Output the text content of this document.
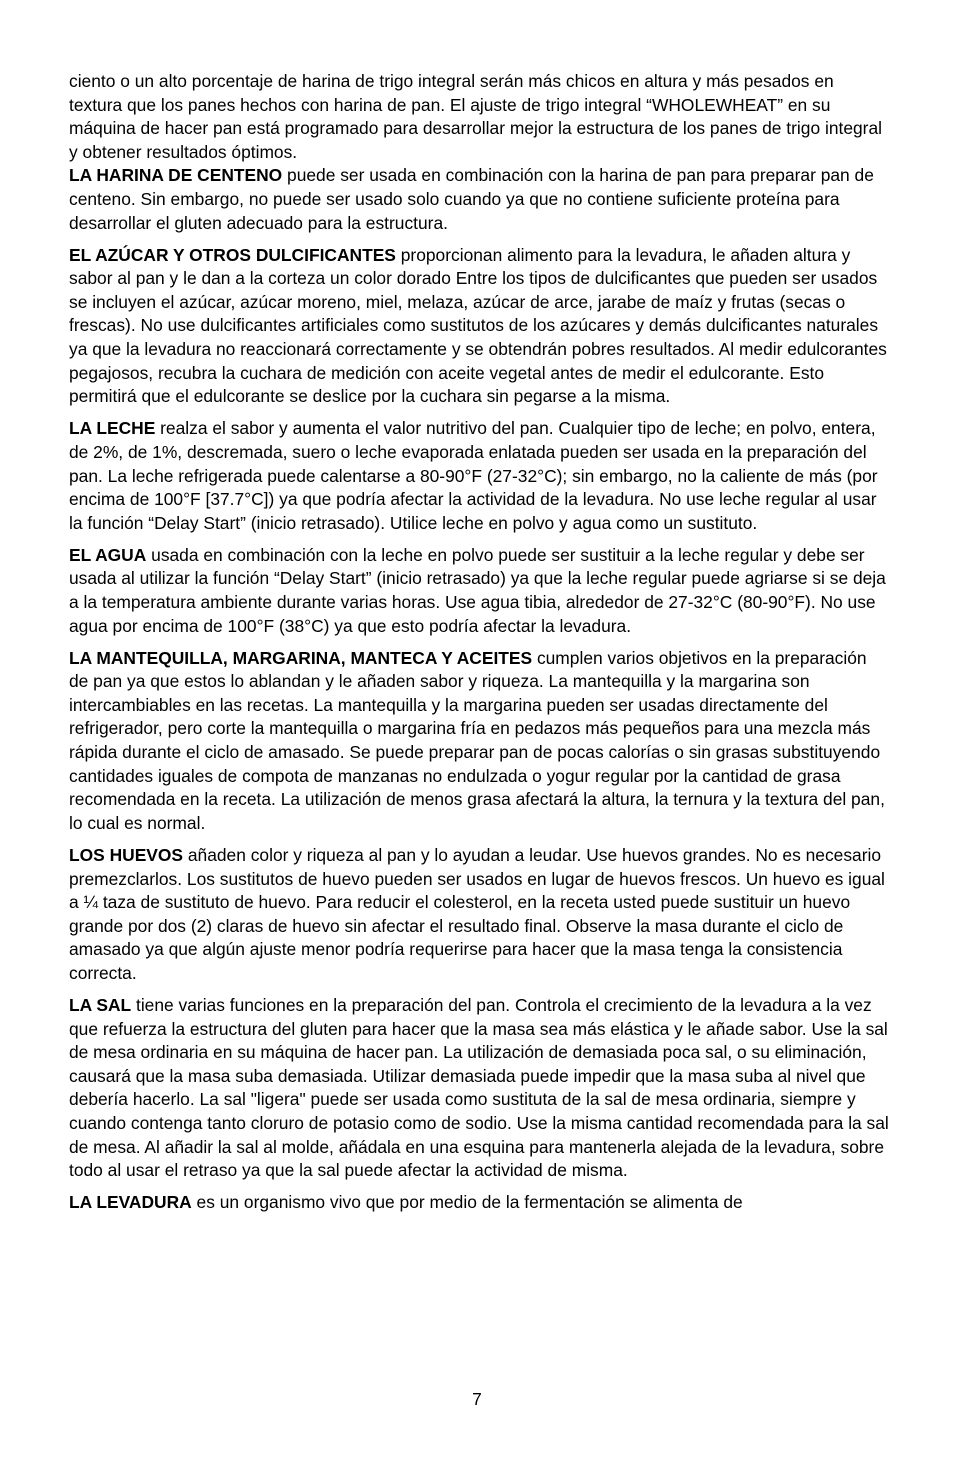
ciento o un alto porcentaje de harina de trigo integral serán más chicos en altura y más pesados en textura que los panes hechos con harina de pan. El ajuste de trigo integral “WHOLEWHEAT” en su máquina de hacer pan está programado para desarrollar mejor la estructura de los panes de trigo integral y obtener resultados óptimos.

LA HARINA DE CENTENO puede ser usada en combinación con la harina de pan para preparar pan de centeno. Sin embargo, no puede ser usado solo cuando ya que no contiene suficiente proteína para desarrollar el gluten adecuado para la estructura.

EL AZÚCAR Y OTROS DULCIFICANTES proporcionan alimento para la levadura, le añaden altura y sabor al pan y le dan a la corteza un color dorado Entre los tipos de dulcificantes que pueden ser usados se incluyen el azúcar, azúcar moreno, miel, melaza, azúcar de arce, jarabe de maíz y frutas (secas o frescas). No use dulcificantes artificiales como sustitutos de los azúcares y demás dulcificantes naturales ya que la levadura no reaccionará correctamente y se obtendrán pobres resultados. Al medir edulcorantes pegajosos, recubra la cuchara de medición con aceite vegetal antes de medir el edulcorante. Esto permitirá que el edulcorante se deslice por la cuchara sin pegarse a la misma.

LA LECHE realza el sabor y aumenta el valor nutritivo del pan. Cualquier tipo de leche; en polvo, entera, de 2%, de 1%, descremada, suero o leche evaporada enlatada pueden ser usada en la preparación del pan. La leche refrigerada puede calentarse a 80-90°F (27-32°C); sin embargo, no la caliente de más (por encima de 100°F [37.7°C]) ya que podría afectar la actividad de la levadura. No use leche regular al usar la función “Delay Start” (inicio retrasado). Utilice leche en polvo y agua como un sustituto.

EL AGUA usada en combinación con la leche en polvo puede ser sustituir a la leche regular y debe ser usada al utilizar la función “Delay Start” (inicio retrasado) ya que la leche regular puede agriarse si se deja a la temperatura ambiente durante varias horas. Use agua tibia, alrededor de 27-32°C (80-90°F). No use agua por encima de 100°F (38°C) ya que esto podría afectar la levadura.

LA MANTEQUILLA, MARGARINA, MANTECA Y ACEITES cumplen varios objetivos en la preparación de pan ya que estos lo ablandan y le añaden sabor y riqueza. La mantequilla y la margarina son intercambiables en las recetas. La mantequilla y la margarina pueden ser usadas directamente del refrigerador, pero corte la mantequilla o margarina fría en pedazos más pequeños para una mezcla más rápida durante el ciclo de amasado. Se puede preparar pan de pocas calorías o sin grasas substituyendo cantidades iguales de compota de manzanas no endulzada o yogur regular por la cantidad de grasa recomendada en la receta. La utilización de menos grasa afectará la altura, la ternura y la textura del pan, lo cual es normal.

LOS HUEVOS añaden color y riqueza al pan y lo ayudan a leudar. Use huevos grandes. No es necesario premezclarlos. Los sustitutos de huevo pueden ser usados en lugar de huevos frescos. Un huevo es igual a ¼ taza de sustituto de huevo. Para reducir el colesterol, en la receta usted puede sustituir un huevo grande por dos (2) claras de huevo sin afectar el resultado final. Observe la masa durante el ciclo de amasado ya que algún ajuste menor podría requerirse para hacer que la masa tenga la consistencia correcta.

LA SAL tiene varias funciones en la preparación del pan. Controla el crecimiento de la levadura a la vez que refuerza la estructura del gluten para hacer que la masa sea más elástica y le añade sabor. Use la sal de mesa ordinaria en su máquina de hacer pan. La utilización de demasiada poca sal, o su eliminación, causará que la masa suba demasiada. Utilizar demasiada puede impedir que la masa suba al nivel que debería hacerlo. La sal "ligera" puede ser usada como sustituta de la sal de mesa ordinaria, siempre y cuando contenga tanto cloruro de potasio como de sodio. Use la misma cantidad recomendada para la sal de mesa. Al añadir la sal al molde, añádala en una esquina para mantenerla alejada de la levadura, sobre todo al usar el retraso ya que la sal puede afectar la actividad de misma.

LA LEVADURA es un organismo vivo que por medio de la fermentación se alimenta de

7
